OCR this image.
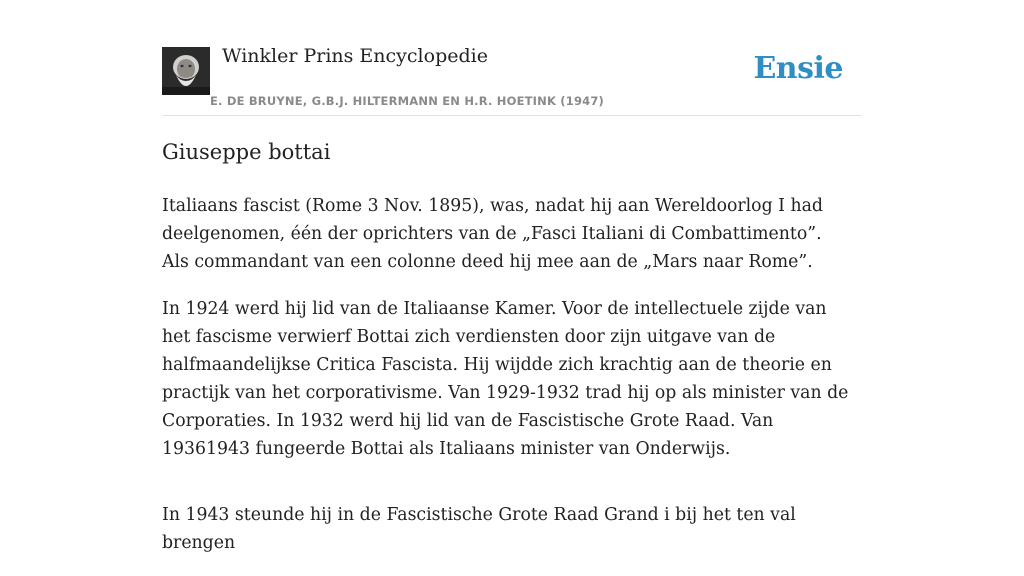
Winkler Prins Encyclopedie
E. DE BRUYNE, G.B.J. HILTERMANN EN H.R. HOETINK (1947)
Ensie
Giuseppe bottai

Italiaans fascist (Rome 3 Nov. 1895), was, nadat hij aan Wereldoorlog I had deelgenomen, één der oprichters van de „Fasci Italiani di Combattimento”. Als commandant van een colonne deed hij mee aan de „Mars naar Rome”.

In 1924 werd hij lid van de Italiaanse Kamer. Voor de intellectuele zijde van het fascisme verwierf Bottai zich verdiensten door zijn uitgave van de halfmaandelijkse Critica Fascista. Hij wijdde zich krachtig aan de theorie en practijk van het corporativisme. Van 1929-1932 trad hij op als minister van de Corporaties. In 1932 werd hij lid van de Fascistische Grote Raad. Van 19361943 fungeerde Bottai als Italiaans minister van Onderwijs.

In 1943 steunde hij in de Fascistische Grote Raad Grand i bij het ten val brengen
